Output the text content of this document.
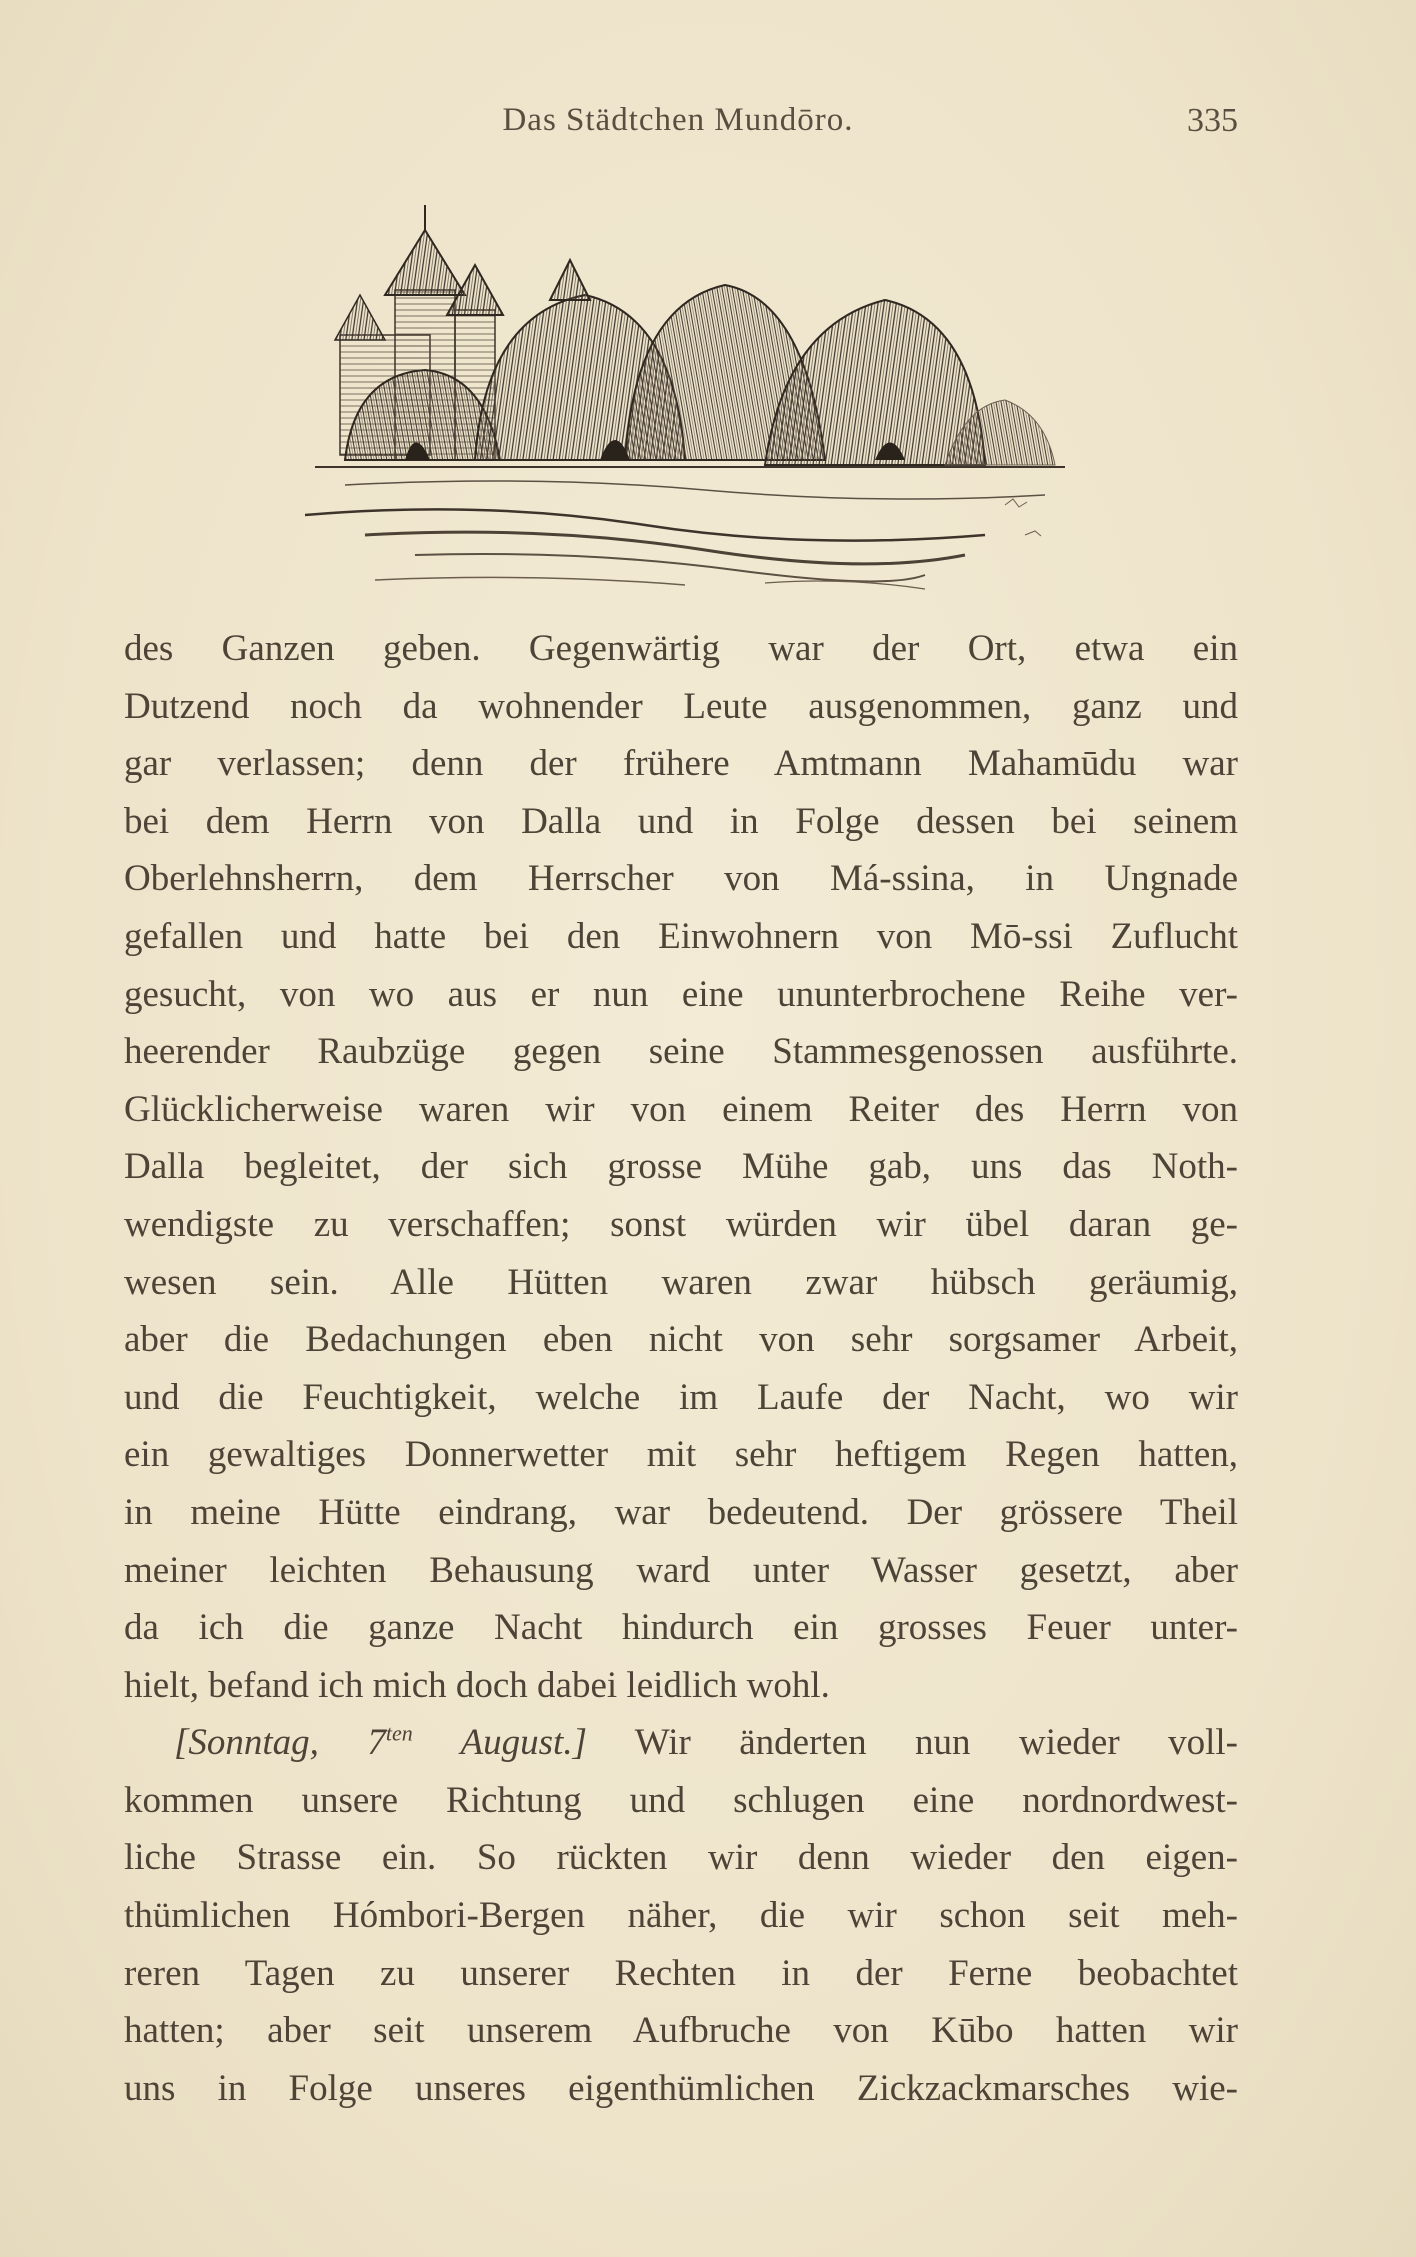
Das Städtchen Mundōro.	335
des Ganzen geben. Gegenwärtig war der Ort, etwa ein
Dutzend noch da wohnender Leute ausgenommen, ganz und
gar verlassen; denn der frühere Amtmann Mahamūdu war
bei dem Herrn von Dalla und in Folge dessen bei seinem
Oberlehnsherrn, dem Herrscher von Má-ssina, in Ungnade
gefallen und hatte bei den Einwohnern von Mō-ssi Zuflucht
gesucht, von wo aus er nun eine ununterbrochene Reihe ver-
heerender Raubzüge gegen seine Stammesgenossen ausführte.
Glücklicherweise waren wir von einem Reiter des Herrn von
Dalla begleitet, der sich grosse Mühe gab, uns das Noth-
wendigste zu verschaffen; sonst würden wir übel daran ge-
wesen sein. Alle Hütten waren zwar hübsch geräumig,
aber die Bedachungen eben nicht von sehr sorgsamer Arbeit,
und die Feuchtigkeit, welche im Laufe der Nacht, wo wir
ein gewaltiges Donnerwetter mit sehr heftigem Regen hatten,
in meine Hütte eindrang, war bedeutend. Der grössere Theil
meiner leichten Behausung ward unter Wasser gesetzt, aber
da ich die ganze Nacht hindurch ein grosses Feuer unter-
hielt, befand ich mich doch dabei leidlich wohl.
[Sonntag, $7^{ten}$ August.] Wir änderten nun wieder voll-
kommen unsere Richtung und schlugen eine nordnordwest-
liche Strasse ein. So rückten wir denn wieder den eigen-
thümlichen Hómbori-Bergen näher, die wir schon seit meh-
reren Tagen zu unserer Rechten in der Ferne beobachtet
hatten; aber seit unserem Aufbruche von Kūbo hatten wir
uns in Folge unseres eigenthümlichen Zickzackmarsches wie-
